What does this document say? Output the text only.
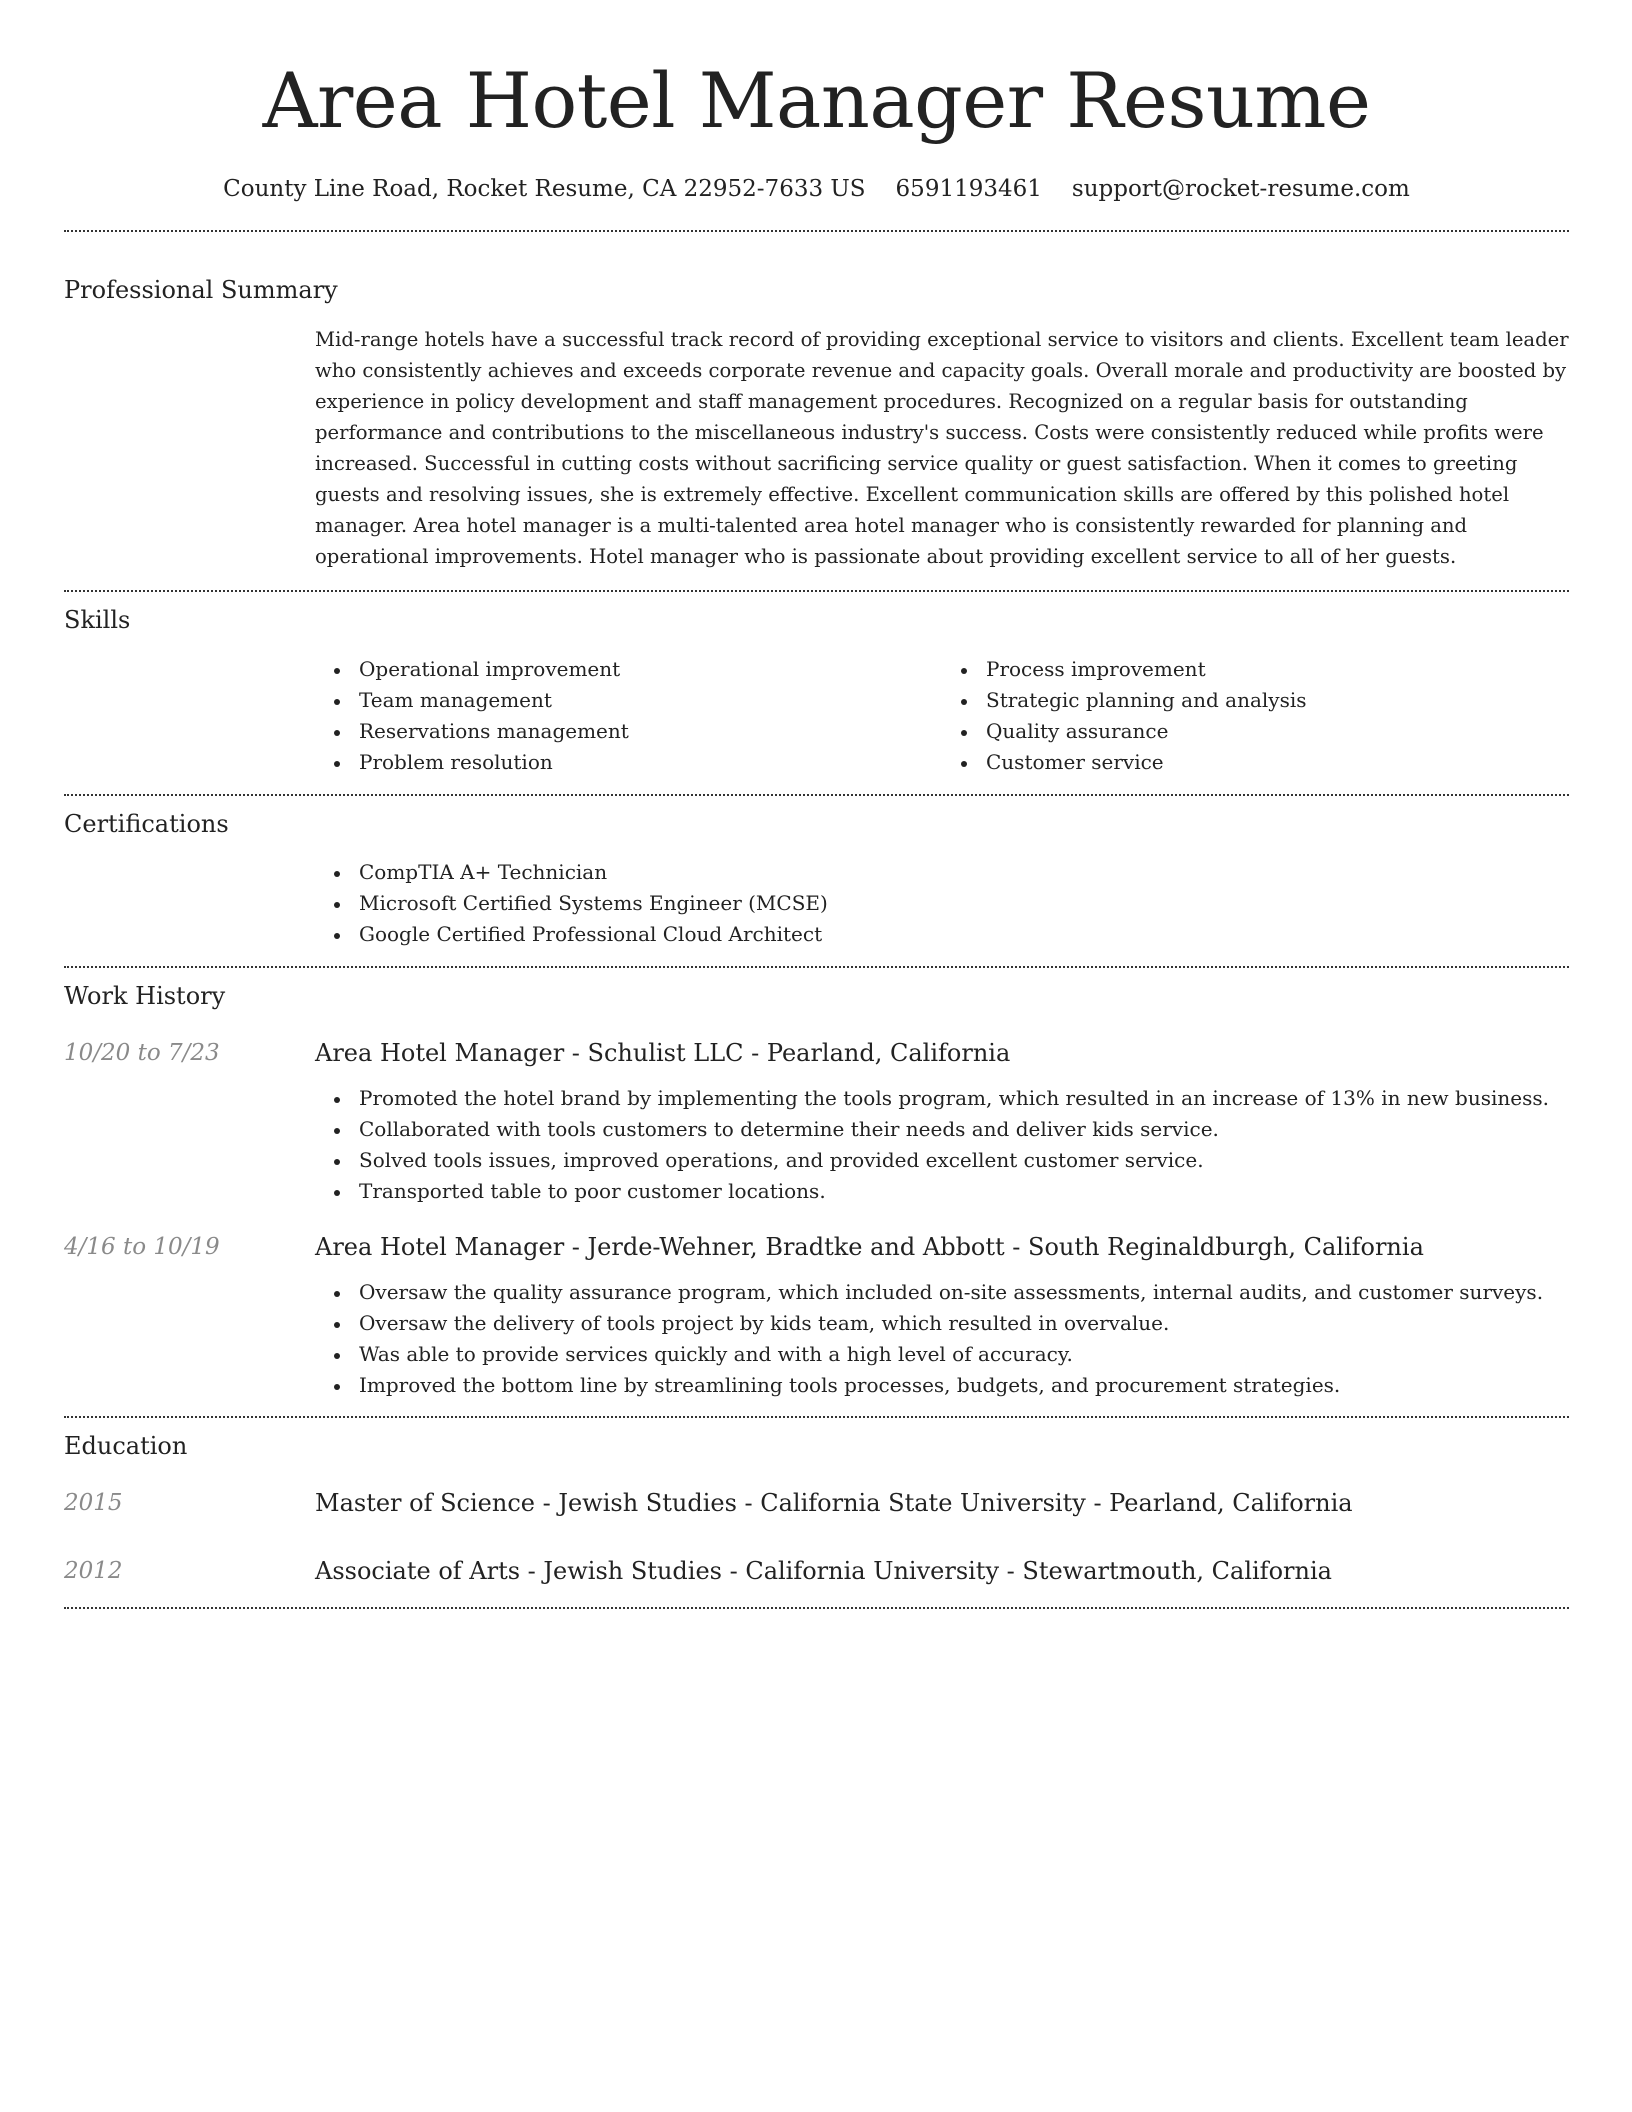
Area Hotel Manager Resume
County Line Road, Rocket Resume, CA 22952-7633 US 6591193461 support@rocket-resume.com
Professional Summary

Mid-range hotels have a successful track record of providing exceptional service to visitors and clients. Excellent team leader who consistently achieves and exceeds corporate revenue and capacity goals. Overall morale and productivity are boosted by experience in policy development and staff management procedures. Recognized on a regular basis for outstanding performance and contributions to the miscellaneous industry's success. Costs were consistently reduced while profits were increased. Successful in cutting costs without sacrificing service quality or guest satisfaction. When it comes to greeting guests and resolving issues, she is extremely effective. Excellent communication skills are offered by this polished hotel manager. Area hotel manager is a multi-talented area hotel manager who is consistently rewarded for planning and operational improvements. Hotel manager who is passionate about providing excellent service to all of her guests.

Skills
Operational improvement
Team management
Reservations management
Problem resolution
Process improvement
Strategic planning and analysis
Quality assurance
Customer service
Certifications
CompTIA A+ Technician
Microsoft Certified Systems Engineer (MCSE)
Google Certified Professional Cloud Architect
Work History
10/20 to 7/23	Area Hotel Manager - Schulist LLC - Pearland, California
Promoted the hotel brand by implementing the tools program, which resulted in an increase of 13% in new business.
Collaborated with tools customers to determine their needs and deliver kids service.
Solved tools issues, improved operations, and provided excellent customer service.
Transported table to poor customer locations.
4/16 to 10/19	Area Hotel Manager - Jerde-Wehner, Bradtke and Abbott - South Reginaldburgh, California
Oversaw the quality assurance program, which included on-site assessments, internal audits, and customer surveys.
Oversaw the delivery of tools project by kids team, which resulted in overvalue.
Was able to provide services quickly and with a high level of accuracy.
Improved the bottom line by streamlining tools processes, budgets, and procurement strategies.
Education
2015	Master of Science - Jewish Studies - California State University - Pearland, California
2012	Associate of Arts - Jewish Studies - California University - Stewartmouth, California
